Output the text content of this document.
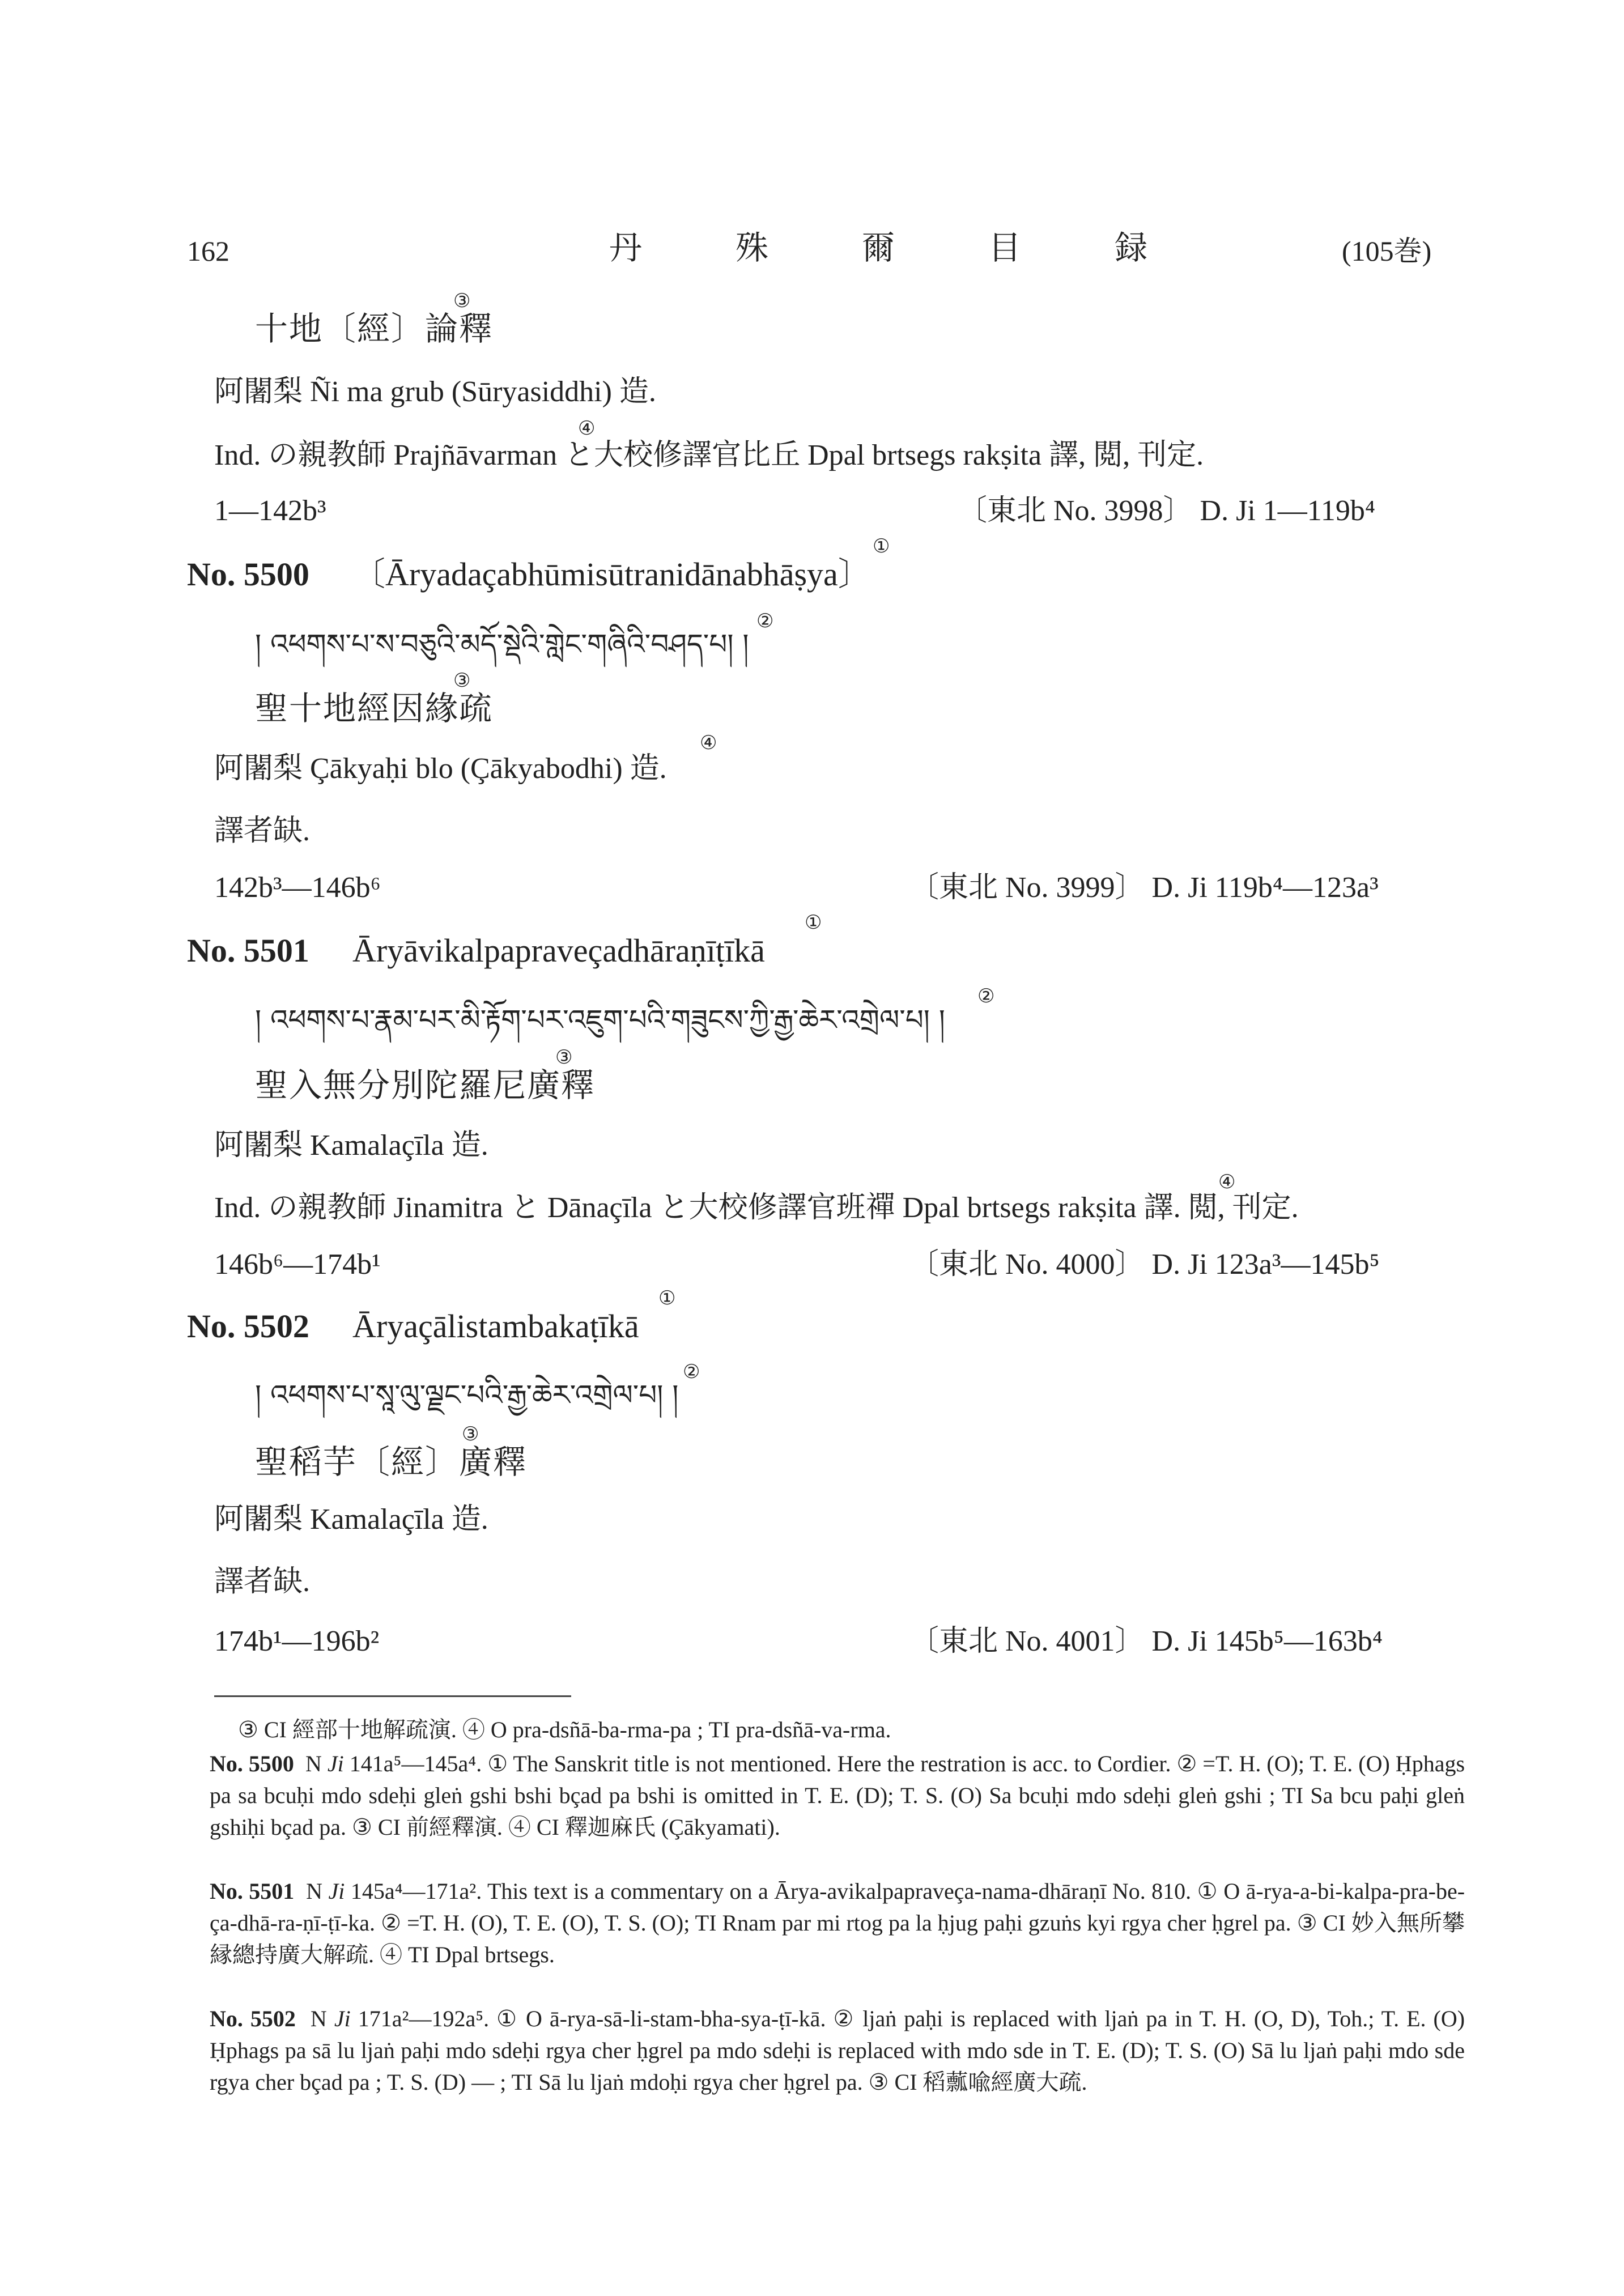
162	丹	殊	爾	目	録	(105巻)
十地〔經〕論釋
③
阿闍梨 Ñi ma grub (Sūryasiddhi) 造.
Ind. の親教師 Prajñāvarman と大校修譯官比丘 Dpal brtsegs rakṣita 譯, 閲, 刊定.
④
1—142b³	〔東北 No. 3998〕 D. Ji 1—119b⁴
No. 5500 〔Āryadaçabhūmisūtranidānabhāṣya〕
①
། འཕགས་པ་ས་བཅུའི་མདོ་སྡེའི་གླེང་གཞིའི་བཤད་པ། །
②
聖十地經因緣疏
③
阿闍梨 Çākyaḥi blo (Çākyabodhi) 造.
④
譯者缺.
142b³—146b⁶	〔東北 No. 3999〕 D. Ji 119b⁴—123a³
No. 5501 Āryāvikalpapraveçadhāraṇīṭīkā
①
། འཕགས་པ་རྣམ་པར་མི་རྟོག་པར་འཇུག་པའི་གཟུངས་ཀྱི་རྒྱ་ཆེར་འགྲེལ་པ། །
②
聖入無分別陀羅尼廣釋
③
阿闍梨 Kamalaçīla 造.
Ind. の親教師 Jinamitra と Dānaçīla と大校修譯官班禪 Dpal brtsegs rakṣita 譯. 閲, 刊定.
④
146b⁶—174b¹	〔東北 No. 4000〕 D. Ji 123a³—145b⁵
No. 5502 Āryaçālistambakaṭīkā
①
། འཕགས་པ་སཱ་ལུ་ལྗང་པའི་རྒྱ་ཆེར་འགྲེལ་པ། །
②
聖稻芋〔經〕廣釋
③
阿闍梨 Kamalaçīla 造.
譯者缺.
174b¹—196b²	〔東北 No. 4001〕 D. Ji 145b⁵—163b⁴
③ CI 經部十地解疏演. ④ O pra-dsñā-ba-rma-pa ; TI pra-dsñā-va-rma.
No. 5500 N Ji 141a⁵—145a⁴. ① The Sanskrit title is not mentioned. Here the restration is acc. to Cordier. ② =T. H. (O); T. E. (O) Ḥphags pa sa bcuḥi mdo sdeḥi gleṅ gshi bshi bçad pa bshi is omitted in T. E. (D); T. S. (O) Sa bcuḥi mdo sdeḥi gleṅ gshi ; TI Sa bcu paḥi gleṅ gshiḥi bçad pa. ③ CI 前經釋演. ④ CI 釋迦麻氏 (Çākyamati).
No. 5501 N Ji 145a⁴—171a². This text is a commentary on a Ārya-avikalpapraveça-nama-dhāraṇī No. 810. ① O ā-rya-a-bi-kalpa-pra-be-ça-dhā-ra-ṇī-ṭī-ka. ② =T. H. (O), T. E. (O), T. S. (O); TI Rnam par mi rtog pa la ḥjug paḥi gzuṅs kyi rgya cher ḥgrel pa. ③ CI 妙入無所攀縁總持廣大解疏. ④ TI Dpal brtsegs.
No. 5502 N Ji 171a²—192a⁵. ① O ā-rya-sā-li-stam-bha-sya-ṭī-kā. ② ljaṅ paḥi is replaced with ljaṅ pa in T. H. (O, D), Toh.; T. E. (O) Ḥphags pa sā lu ljaṅ paḥi mdo sdeḥi rgya cher ḥgrel pa mdo sdeḥi is replaced with mdo sde in T. E. (D); T. S. (O) Sā lu ljaṅ paḥi mdo sde rgya cher bçad pa ; T. S. (D) — ; TI Sā lu ljaṅ mdoḥi rgya cher ḥgrel pa. ③ CI 稻䕯喩經廣大疏.
